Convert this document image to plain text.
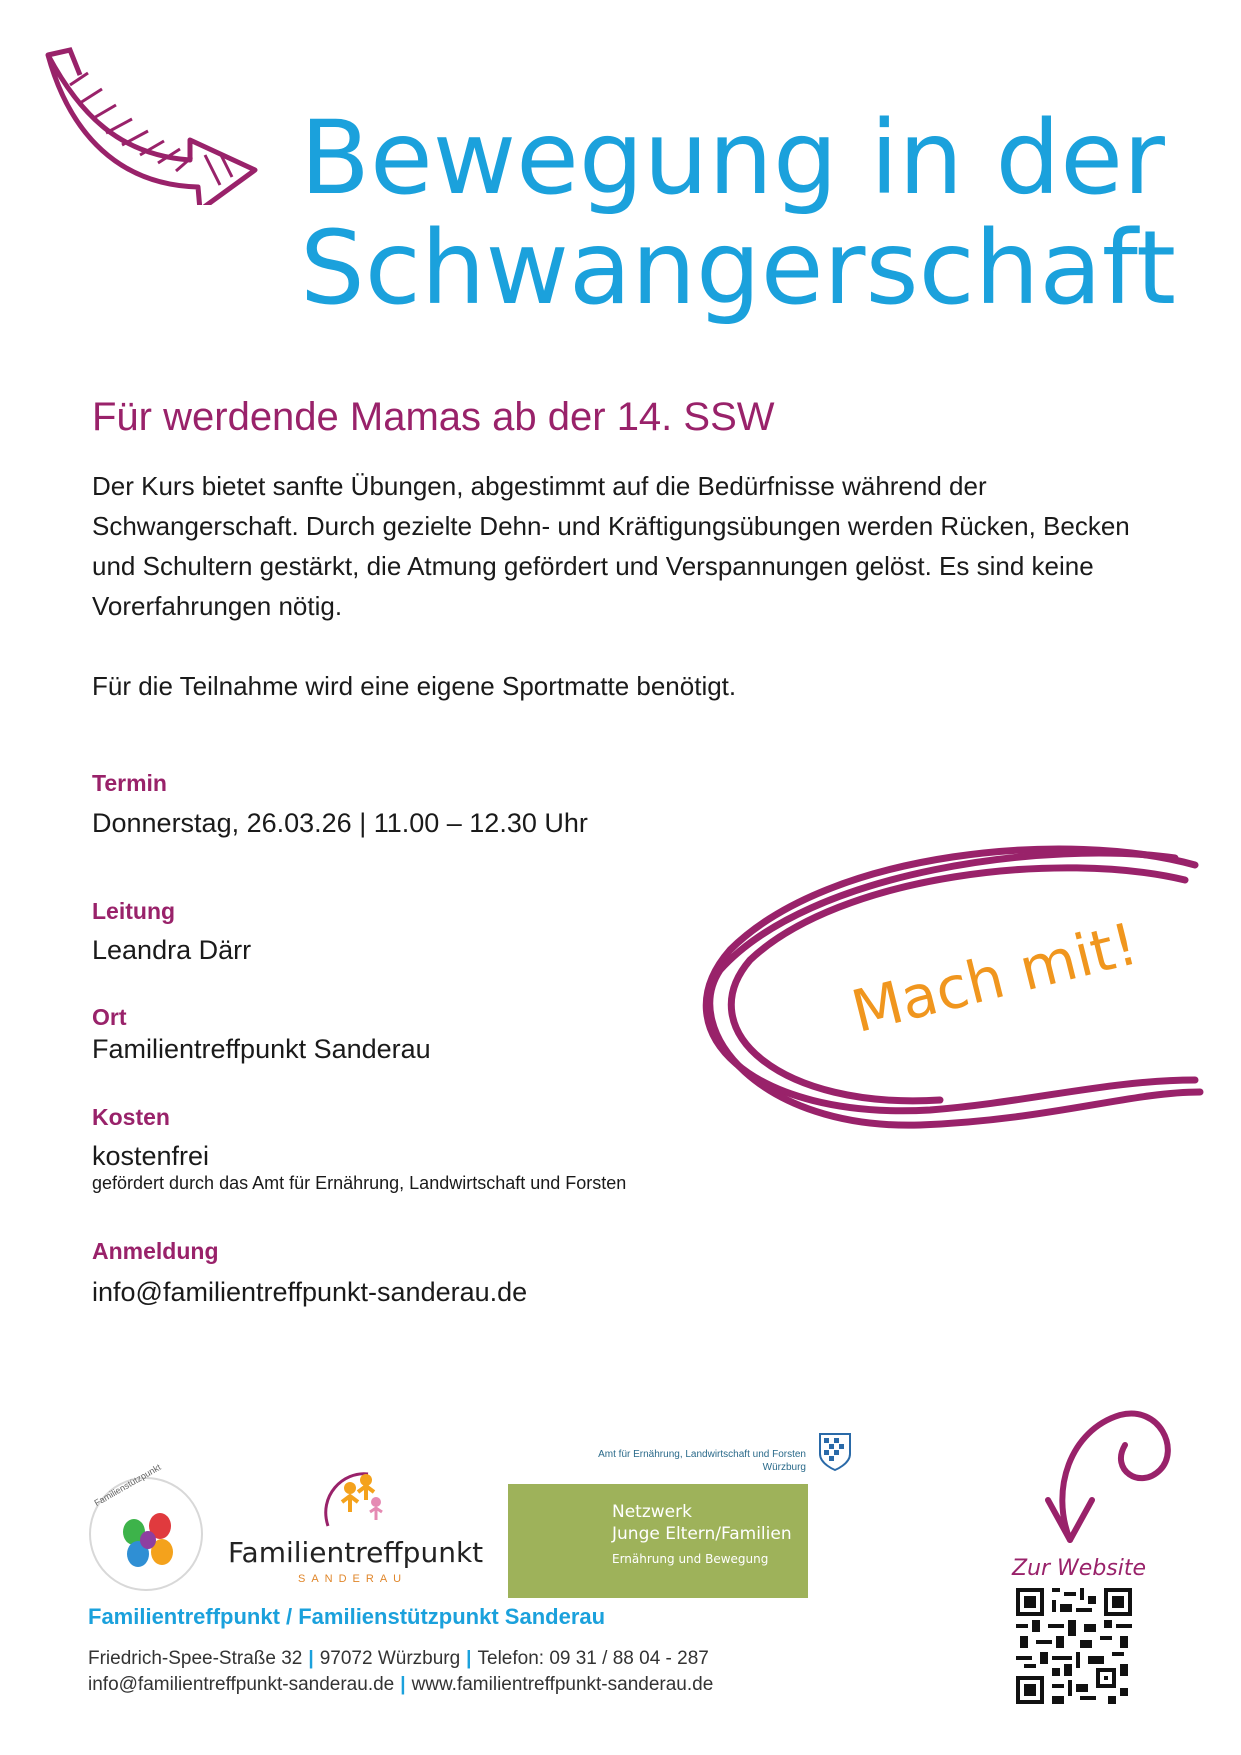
Bewegung in der
Schwangerschaft
Für werdende Mamas ab der 14. SSW
Der Kurs bietet sanfte Übungen, abgestimmt auf die Bedürfnisse während der Schwangerschaft. Durch gezielte Dehn- und Kräftigungsübungen werden Rücken, Becken und Schultern gestärkt, die Atmung gefördert und Verspannungen gelöst. Es sind keine Vorerfahrungen nötig.
Für die Teilnahme wird eine eigene Sportmatte benötigt.
Termin
Donnerstag, 26.03.26 | 11.00 – 12.30 Uhr
Leitung
Leandra Därr
Ort
Familientreffpunkt Sanderau
Kosten
kostenfrei
gefördert durch das Amt für Ernährung, Landwirtschaft und Forsten
Anmeldung
info@familientreffpunkt-sanderau.de
Mach mit!
Familienstützpunkt
Familientreffpunkt
SANDERAU
Amt für Ernährung, Landwirtschaft und Forsten
Würzburg
Netzwerk
Junge Eltern/Familien
Ernährung und Bewegung
Familientreffpunkt / Familienstützpunkt Sanderau
Friedrich-Spee-Straße 32 | 97072 Würzburg | Telefon: 09 31 / 88 04 - 287
info@familientreffpunkt-sanderau.de | www.familientreffpunkt-sanderau.de
Zur Website
